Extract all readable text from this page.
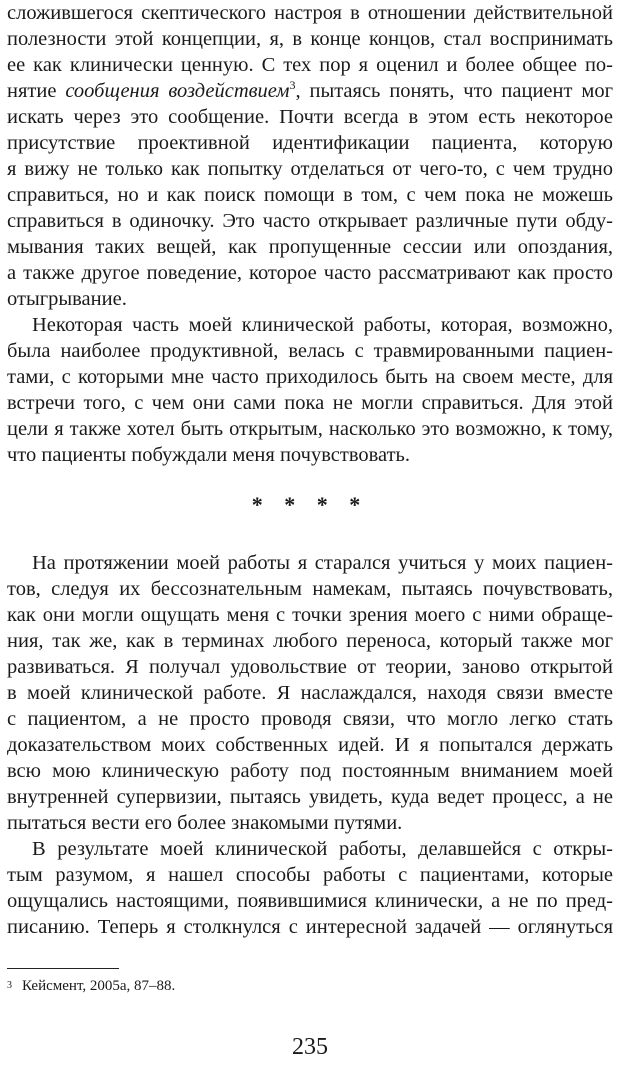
сложившегося скептического настроя в отношении действительной
полезности этой концепции, я, в конце концов, стал воспринимать
ее как клинически ценную. С тех пор я оценил и более общее по-
нятие сообщения воздействием$^3$, пытаясь понять, что пациент мог
искать через это сообщение. Почти всегда в этом есть некоторое
присутствие проективной идентификации пациента, которую
я вижу не только как попытку отделаться от чего-то, с чем трудно
справиться, но и как поиск помощи в том, с чем пока не можешь
справиться в одиночку. Это часто открывает различные пути обду-
мывания таких вещей, как пропущенные сессии или опоздания,
а также другое поведение, которое часто рассматривают как просто
отыгрывание.
Некоторая часть моей клинической работы, которая, возможно,
была наиболее продуктивной, велась с травмированными пациен-
тами, с которыми мне часто приходилось быть на своем месте, для
встречи того, с чем они сами пока не могли справиться. Для этой
цели я также хотел быть открытым, насколько это возможно, к тому,
что пациенты побуждали меня почувствовать.
* * * *
На протяжении моей работы я старался учиться у моих пациен-
тов, следуя их бессознательным намекам, пытаясь почувствовать,
как они могли ощущать меня с точки зрения моего с ними обраще-
ния, так же, как в терминах любого переноса, который также мог
развиваться. Я получал удовольствие от теории, заново открытой
в моей клинической работе. Я наслаждался, находя связи вместе
с пациентом, а не просто проводя связи, что могло легко стать
доказательством моих собственных идей. И я попытался держать
всю мою клиническую работу под постоянным вниманием моей
внутренней супервизии, пытаясь увидеть, куда ведет процесс, а не
пытаться вести его более знакомыми путями.
В результате моей клинической работы, делавшейся с откры-
тым разумом, я нашел способы работы с пациентами, которые
ощущались настоящими, появившимися клинически, а не по пред-
писанию. Теперь я столкнулся с интересной задачей — оглянуться
$^3$ Кейсмент, 2005a, 87–88.
235
